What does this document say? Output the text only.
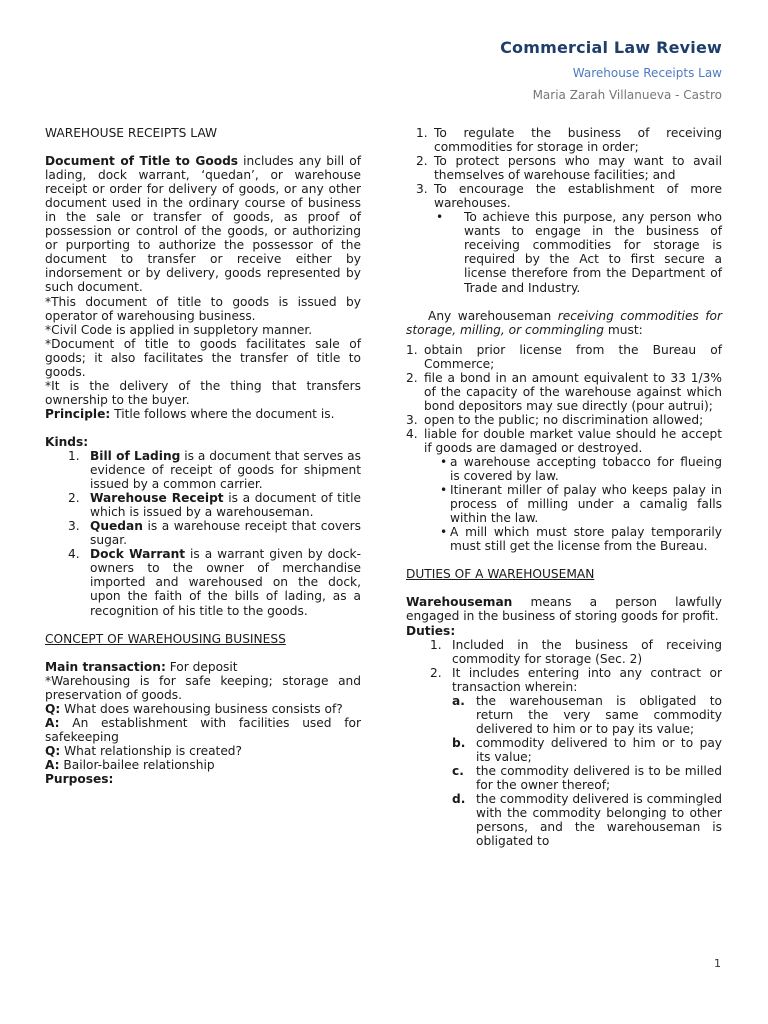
Commercial Law Review
Warehouse Receipts Law
Maria Zarah Villanueva - Castro

WAREHOUSE RECEIPTS LAW

Document of Title to Goods includes any bill of lading, dock warrant, ‘quedan’, or warehouse receipt or order for delivery of goods, or any other document used in the ordinary course of business in the sale or transfer of goods, as proof of possession or control of the goods, or authorizing or purporting to authorize the possessor of the document to transfer or receive either by indorsement or by delivery, goods represented by such document.

*This document of title to goods is issued by operator of warehousing business.

*Civil Code is applied in suppletory manner.

*Document of title to goods facilitates sale of goods; it also facilitates the transfer of title to goods.

*It is the delivery of the thing that transfers ownership to the buyer.

Principle: Title follows where the document is.

Kinds:

1. Bill of Lading is a document that serves as evidence of receipt of goods for shipment issued by a common carrier.
2. Warehouse Receipt is a document of title which is issued by a warehouseman.
3. Quedan is a warehouse receipt that covers sugar.
4. Dock Warrant is a warrant given by dock-owners to the owner of merchandise imported and warehoused on the dock, upon the faith of the bills of lading, as a recognition of his title to the goods.

CONCEPT OF WAREHOUSING BUSINESS

Main transaction: For deposit

*Warehousing is for safe keeping; storage and preservation of goods.

Q: What does warehousing business consists of?

A: An establishment with facilities used for safekeeping

Q: What relationship is created?

A: Bailor-bailee relationship

Purposes:

1. To regulate the business of receiving commodities for storage in order;
2. To protect persons who may want to avail themselves of warehouse facilities; and
3. To encourage the establishment of more warehouses.
•	To achieve this purpose, any person who wants to engage in the business of receiving commodities for storage is required by the Act to first secure a license therefore from the Department of Trade and Industry.

Any warehouseman receiving commodities for storage, milling, or commingling must:

1. obtain prior license from the Bureau of Commerce;
2. file a bond in an amount equivalent to 33 1/3% of the capacity of the warehouse against which bond depositors may sue directly (pour autrui);
3. open to the public; no discrimination allowed;
4. liable for double market value should he accept if goods are damaged or destroyed.
• a warehouse accepting tobacco for flueing is covered by law.
• Itinerant miller of palay who keeps palay in process of milling under a camalig falls within the law.
• A mill which must store palay temporarily must still get the license from the Bureau.

DUTIES OF A WAREHOUSEMAN

Warehouseman means a person lawfully engaged in the business of storing goods for profit.

Duties:

1. Included in the business of receiving commodity for storage (Sec. 2)
2. It includes entering into any contract or transaction wherein:
a. the warehouseman is obligated to return the very same commodity delivered to him or to pay its value;
b. commodity delivered to him or to pay its value;
c. the commodity delivered is to be milled for the owner thereof;
d. the commodity delivered is commingled with the commodity belonging to other persons, and the warehouseman is obligated to
1
